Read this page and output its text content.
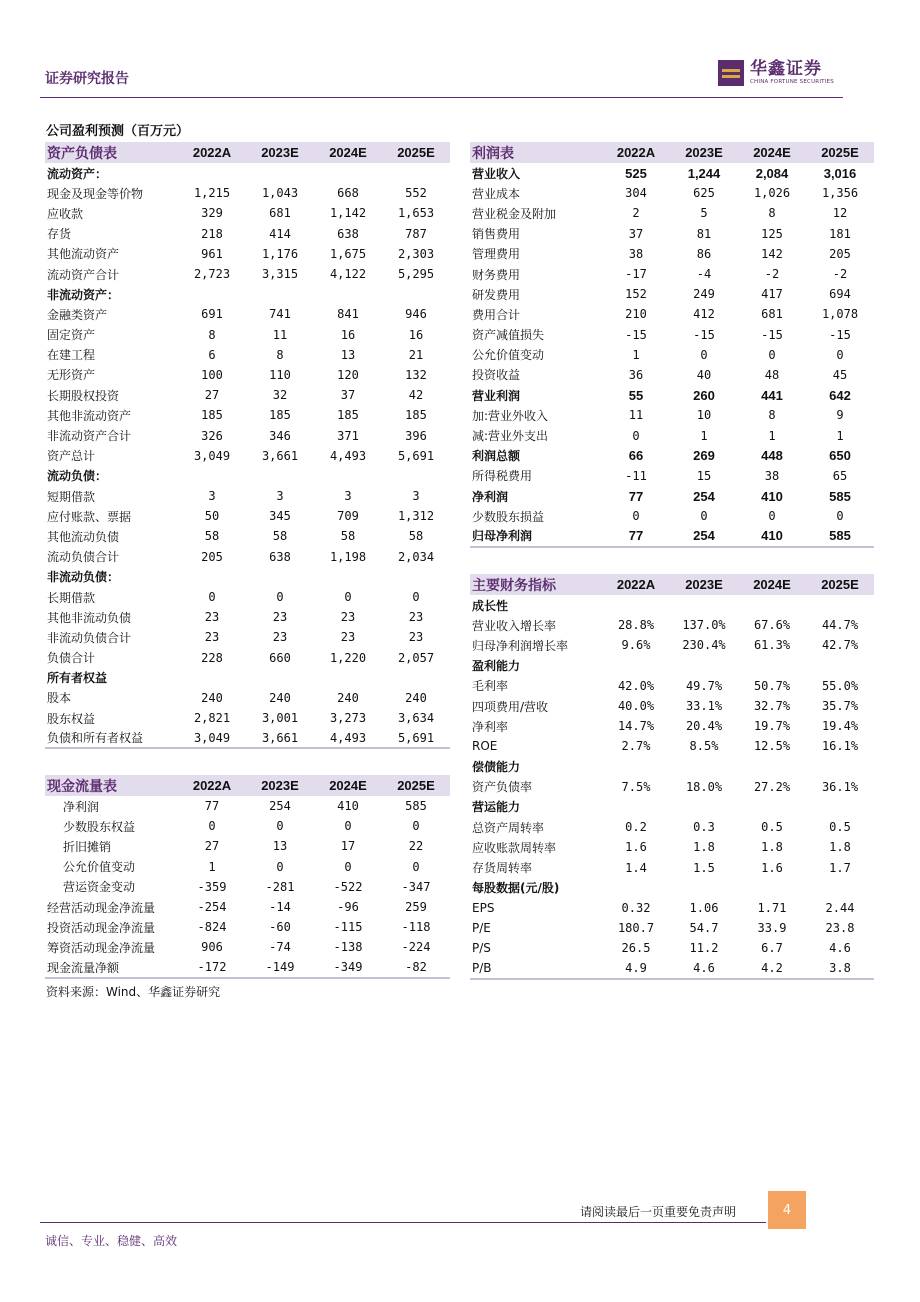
证券研究报告	华鑫证券
CHINA FORTUNE SECURITIES
公司盈利预测（百万元）
资产负债表	2022A	2023E	2024E	2025E
流动资产：				
现金及现金等价物	1,215	1,043	668	552
应收款	329	681	1,142	1,653
存货	218	414	638	787
其他流动资产	961	1,176	1,675	2,303
流动资产合计	2,723	3,315	4,122	5,295
非流动资产：				
金融类资产	691	741	841	946
固定资产	8	11	16	16
在建工程	6	8	13	21
无形资产	100	110	120	132
长期股权投资	27	32	37	42
其他非流动资产	185	185	185	185
非流动资产合计	326	346	371	396
资产总计	3,049	3,661	4,493	5,691
流动负债：				
短期借款	3	3	3	3
应付账款、票据	50	345	709	1,312
其他流动负债	58	58	58	58
流动负债合计	205	638	1,198	2,034
非流动负债：				
长期借款	0	0	0	0
其他非流动负债	23	23	23	23
非流动负债合计	23	23	23	23
负债合计	228	660	1,220	2,057
所有者权益				
股本	240	240	240	240
股东权益	2,821	3,001	3,273	3,634
负债和所有者权益	3,049	3,661	4,493	5,691
现金流量表	2022A	2023E	2024E	2025E
净利润	77	254	410	585
少数股东权益	0	0	0	0
折旧摊销	27	13	17	22
公允价值变动	1	0	0	0
营运资金变动	-359	-281	-522	-347
经营活动现金净流量	-254	-14	-96	259
投资活动现金净流量	-824	-60	-115	-118
筹资活动现金净流量	906	-74	-138	-224
现金流量净额	-172	-149	-349	-82
利润表	2022A	2023E	2024E	2025E
营业收入	525	1,244	2,084	3,016
营业成本	304	625	1,026	1,356
营业税金及附加	2	5	8	12
销售费用	37	81	125	181
管理费用	38	86	142	205
财务费用	-17	-4	-2	-2
研发费用	152	249	417	694
费用合计	210	412	681	1,078
资产减值损失	-15	-15	-15	-15
公允价值变动	1	0	0	0
投资收益	36	40	48	45
营业利润	55	260	441	642
加:营业外收入	11	10	8	9
减:营业外支出	0	1	1	1
利润总额	66	269	448	650
所得税费用	-11	15	38	65
净利润	77	254	410	585
少数股东损益	0	0	0	0
归母净利润	77	254	410	585
主要财务指标	2022A	2023E	2024E	2025E
成长性				
营业收入增长率	28.8%	137.0%	67.6%	44.7%
归母净利润增长率	9.6%	230.4%	61.3%	42.7%
盈利能力				
毛利率	42.0%	49.7%	50.7%	55.0%
四项费用/营收	40.0%	33.1%	32.7%	35.7%
净利率	14.7%	20.4%	19.7%	19.4%
ROE	2.7%	8.5%	12.5%	16.1%
偿债能力				
资产负债率	7.5%	18.0%	27.2%	36.1%
营运能力				
总资产周转率	0.2	0.3	0.5	0.5
应收账款周转率	1.6	1.8	1.8	1.8
存货周转率	1.4	1.5	1.6	1.7
每股数据(元/股)				
EPS	0.32	1.06	1.71	2.44
P/E	180.7	54.7	33.9	23.8
P/S	26.5	11.2	6.7	4.6
P/B	4.9	4.6	4.2	3.8
资料来源：Wind、华鑫证券研究
请阅读最后一页重要免责声明	4
诚信、专业、稳健、高效
